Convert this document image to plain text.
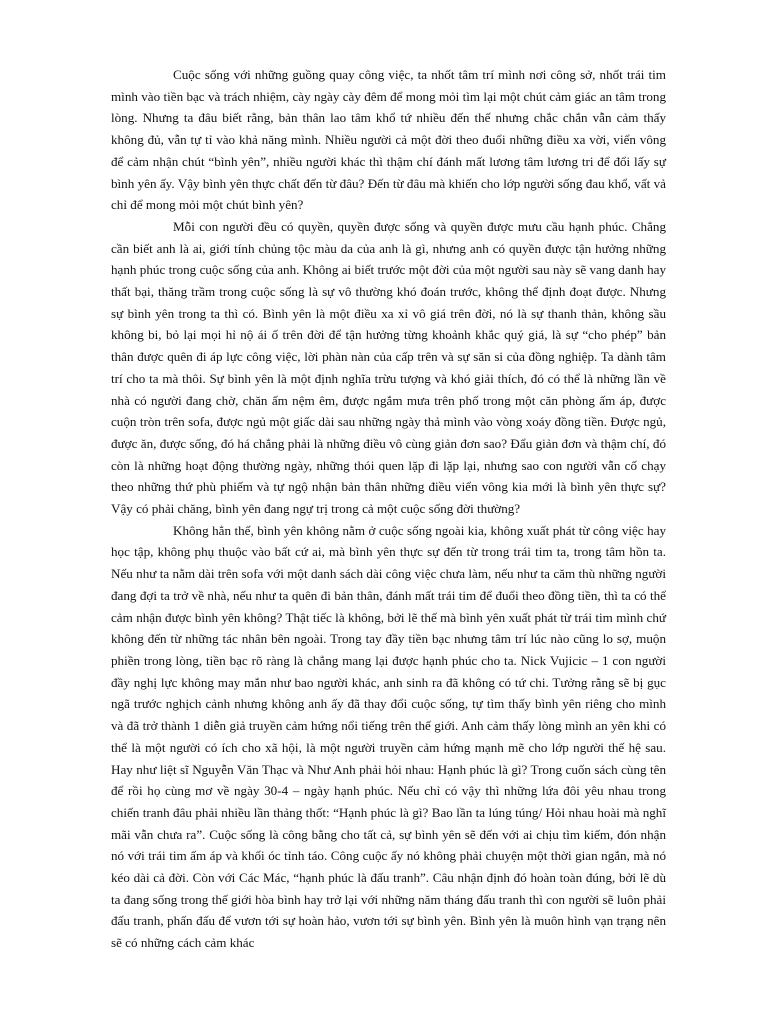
Cuộc sống với những guồng quay công việc, ta nhốt tâm trí mình nơi công sở, nhốt trái tim mình vào tiền bạc và trách nhiệm, cày ngày cày đêm để mong mỏi tìm lại một chút cảm giác an tâm trong lòng. Nhưng ta đâu biết rằng, bản thân lao tâm khổ tứ nhiều đến thế nhưng chắc chắn vẫn cảm thấy không đủ, vẫn tự tỉ vào khả năng mình. Nhiều người cả một đời theo đuổi những điều xa vời, viển vông để cảm nhận chút “bình yên”, nhiều người khác thì thậm chí đánh mất lương tâm lương tri để đổi lấy sự bình yên ấy. Vậy bình yên thực chất đến từ đâu? Đến từ đâu mà khiến cho lớp người sống đau khổ, vất vả chỉ để mong mỏi một chút bình yên?

Mỗi con người đều có quyền, quyền được sống và quyền được mưu cầu hạnh phúc. Chẳng cần biết anh là ai, giới tính chủng tộc màu da của anh là gì, nhưng anh có quyền được tận hưởng những hạnh phúc trong cuộc sống của anh. Không ai biết trước một đời của một người sau này sẽ vang danh hay thất bại, thăng trầm trong cuộc sống là sự vô thường khó đoán trước, không thể định đoạt được. Nhưng sự bình yên trong ta thì có. Bình yên là một điều xa xỉ vô giá trên đời, nó là sự thanh thản, không sầu không bi, bỏ lại mọi hỉ nộ ái ố trên đời để tận hưởng từng khoảnh khắc quý giá, là sự “cho phép” bản thân được quên đi áp lực công việc, lời phàn nàn của cấp trên và sự săn si của đồng nghiệp. Ta dành tâm trí cho ta mà thôi. Sự bình yên là một định nghĩa trừu tượng và khó giải thích, đó có thể là những lần về nhà có người đang chờ, chăn ấm nệm êm, được ngắm mưa trên phố trong một căn phòng ấm áp, được cuộn tròn trên sofa, được ngủ một giấc dài sau những ngày thả mình vào vòng xoáy đồng tiền. Được ngủ, được ăn, được sống, đó há chẳng phải là những điều vô cùng giản đơn sao? Đẩu giản đơn và thậm chí, đó còn là những hoạt động thường ngày, những thói quen lặp đi lặp lại, nhưng sao con người vẫn cố chạy theo những thứ phù phiếm và tự ngộ nhận bản thân những điều viển vông kia mới là bình yên thực sự? Vậy có phải chăng, bình yên đang ngự trị trong cả một cuộc sống đời thường?

Không hẳn thế, bình yên không nằm ở cuộc sống ngoài kia, không xuất phát từ công việc hay học tập, không phụ thuộc vào bất cứ ai, mà bình yên thực sự đến từ trong trái tim ta, trong tâm hồn ta. Nếu như ta nằm dài trên sofa với một danh sách dài công việc chưa làm, nếu như ta căm thù những người đang đợi ta trở về nhà, nếu như ta quên đi bản thân, đánh mất trái tim để đuổi theo đồng tiền, thì ta có thể cảm nhận được bình yên không? Thật tiếc là không, bởi lẽ thế mà bình yên xuất phát từ trái tim mình chứ không đến từ những tác nhân bên ngoài. Trong tay đầy tiền bạc nhưng tâm trí lúc nào cũng lo sợ, muộn phiền trong lòng, tiền bạc rõ ràng là chẳng mang lại được hạnh phúc cho ta. Nick Vujicic – 1 con người đầy nghị lực không may mắn như bao người khác, anh sinh ra đã không có tứ chi. Tưởng rằng sẽ bị gục ngã trước nghịch cảnh nhưng không anh ấy đã thay đổi cuộc sống, tự tìm thấy bình yên riêng cho mình và đã trở thành 1 diễn giả truyền cảm hứng nổi tiếng trên thế giới. Anh cảm thấy lòng mình an yên khi có thể là một người có ích cho xã hội, là một người truyền cảm hứng mạnh mẽ cho lớp người thế hệ sau. Hay như liệt sĩ Nguyễn Văn Thạc và Như Anh phải hỏi nhau: Hạnh phúc là gì? Trong cuốn sách cùng tên để rồi họ cùng mơ về ngày 30-4 – ngày hạnh phúc. Nếu chỉ có vậy thì những lứa đôi yêu nhau trong chiến tranh đâu phải nhiều lần thảng thốt: “Hạnh phúc là gì? Bao lần ta lúng túng/ Hỏi nhau hoài mà nghĩ mãi vẫn chưa ra”. Cuộc sống là công bằng cho tất cả, sự bình yên sẽ đến với ai chịu tìm kiếm, đón nhận nó với trái tim ấm áp và khối óc tỉnh táo. Công cuộc ấy nó không phải chuyện một thời gian ngắn, mà nó kéo dài cả đời. Còn với Các Mác, “hạnh phúc là đấu tranh”. Câu nhận định đó hoàn toàn đúng, bởi lẽ dù ta đang sống trong thế giới hòa bình hay trở lại với những năm tháng đấu tranh thì con người sẽ luôn phải đấu tranh, phấn đấu để vươn tới sự hoàn hảo, vươn tới sự bình yên. Bình yên là muôn hình vạn trạng nên sẽ có những cách cảm khác
